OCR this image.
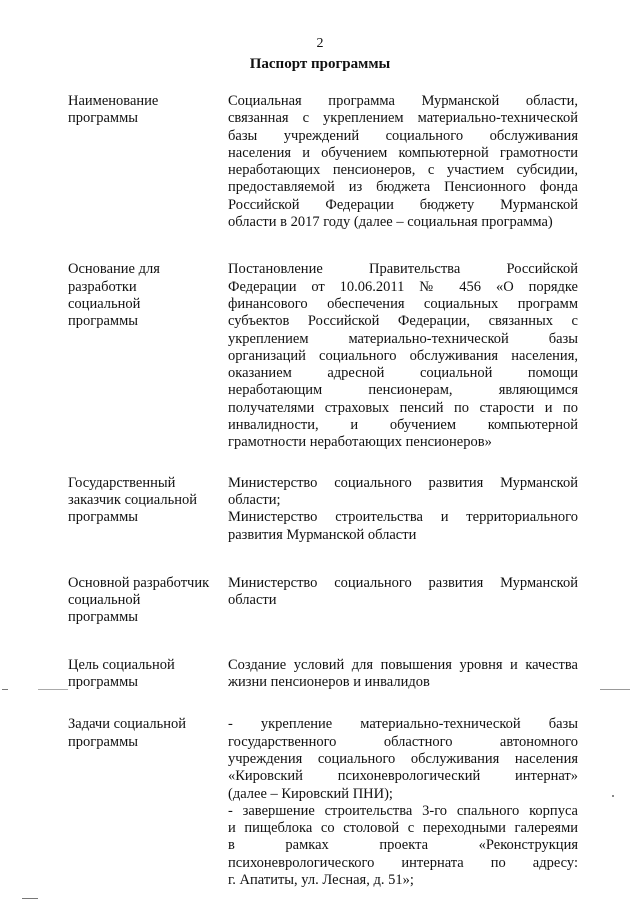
2
Паспорт программы
Наименование
программы
Социальная программа Мурманской области,
связанная с укреплением материально-технической
базы учреждений социального обслуживания
населения и обучением компьютерной грамотности
неработающих пенсионеров, с участием субсидии,
предоставляемой из бюджета Пенсионного фонда
Российской Федерации бюджету Мурманской
области в 2017 году (далее – социальная программа)
Основание для
разработки
социальной
программы
Постановление Правительства Российской
Федерации от 10.06.2011 № 456 «О порядке
финансового обеспечения социальных программ
субъектов Российской Федерации, связанных с
укреплением материально-технической базы
организаций социального обслуживания населения,
оказанием адресной социальной помощи
неработающим пенсионерам, являющимся
получателями страховых пенсий по старости и по
инвалидности, и обучением компьютерной
грамотности неработающих пенсионеров»
Государственный
заказчик социальной
программы
Министерство социального развития Мурманской
области;
Министерство строительства и территориального
развития Мурманской области
Основной разработчик
социальной
программы
Министерство социального развития Мурманской
области
Цель социальной
программы
Создание условий для повышения уровня и качества
жизни пенсионеров и инвалидов
Задачи социальной
программы
- укрепление материально-технической базы
государственного областного автономного
учреждения социального обслуживания населения
«Кировский психоневрологический интернат»
(далее – Кировский ПНИ);
- завершение строительства 3-го спального корпуса
и пищеблока со столовой с переходными галереями
в рамках проекта «Реконструкция
психоневрологического интерната по адресу:
г. Апатиты, ул. Лесная, д. 51»;
